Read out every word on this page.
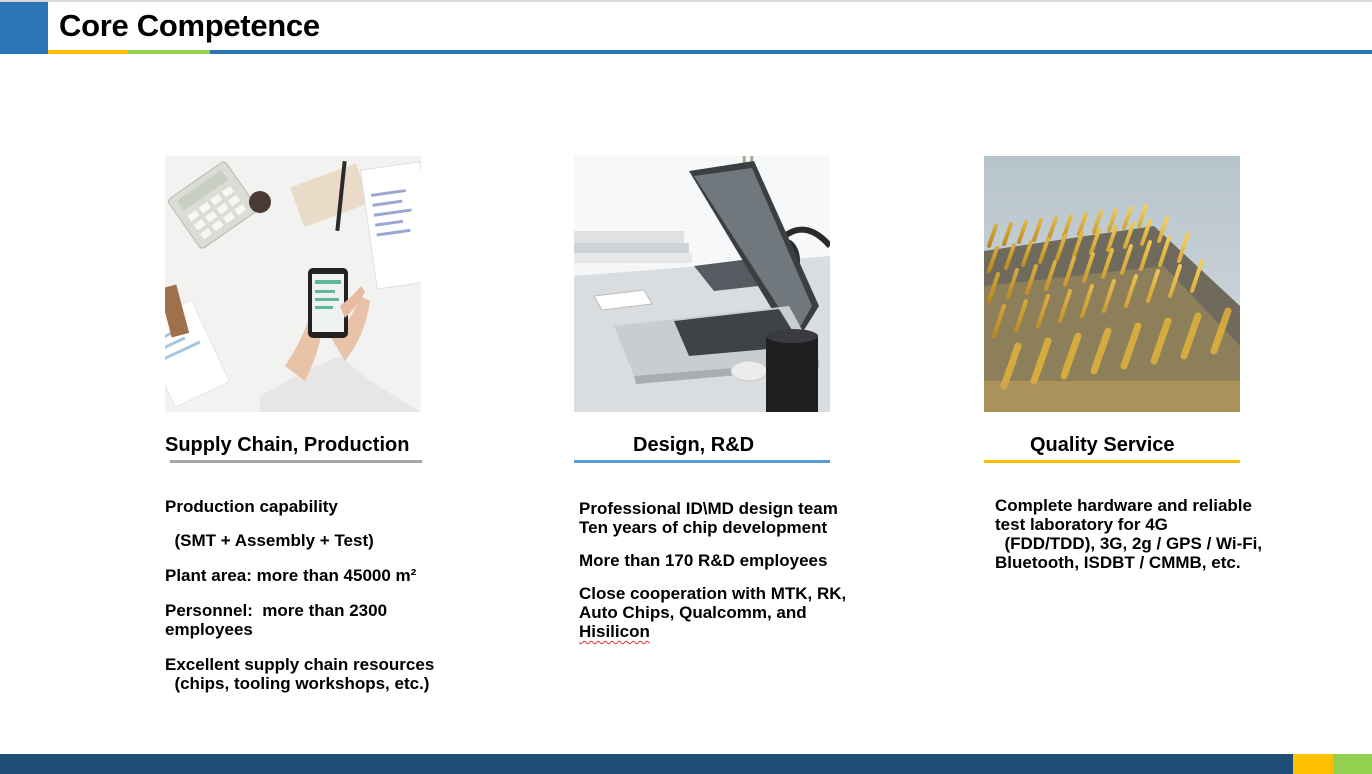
Core Competence
Supply Chain, Production	Design, R&D	Quality Service

Production capability

(SMT + Assembly + Test)

Plant area: more than 45000 m²

Personnel:  more than 2300

employees

Excellent supply chain resources

(chips, tooling workshops, etc.)

Professional ID\MD design team

Ten years of chip development

More than 170 R&D employees

Close cooperation with MTK, RK,

Auto Chips, Qualcomm, and

Hisilicon

Complete hardware and reliable

test laboratory for 4G

(FDD/TDD), 3G, 2g / GPS / Wi-Fi,

Bluetooth, ISDBT / CMMB, etc.
